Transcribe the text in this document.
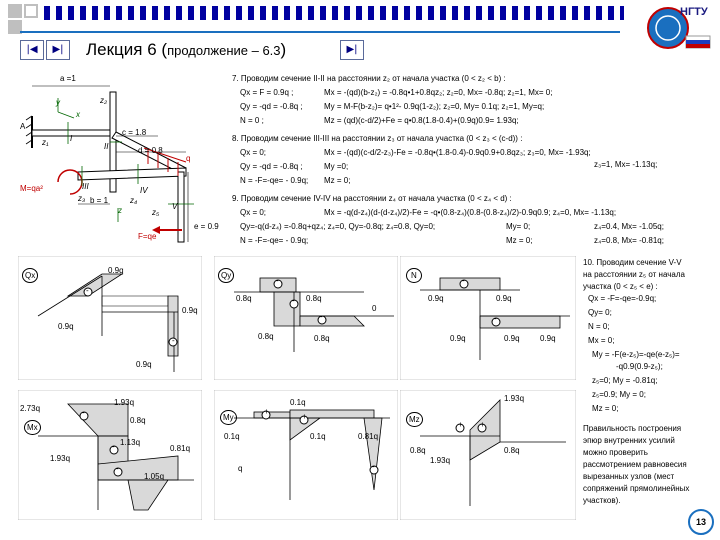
НГТУ
|◀	▶|	▶|
Лекция 6 (продолжение – 6.3)
a =1
c = 1.8
d = 0.8
b = 1
e = 0.9
M=qa²
F=qe
q
A
I
II
III	IV
V
y
x
z
z₁
z₂
z₃	z₄
z₅
7. Проводим сечение II-II на расстоянии z₂ от начала участка (0 < z₂ < b) :
Qx = F = 0.9q ;	Mx = -(qd)(b-z₂) = -0.8q•1+0.8qz₂; z₂=0, Mx= -0.8q; z₂=1, Mx= 0;
Qy = -qd = -0.8q ;	My = M-F(b-z₂)= q•1²- 0.9q(1-z₂); z₂=0, My= 0.1q; z₂=1, My=q;
N = 0 ;	Mz = (qd)(c-d/2)+Fe = q•0.8(1.8-0.4)+(0.9q)0.9= 1.93q;
8. Проводим сечение III-III на расстоянии z₃ от начала участка (0 < z₃ < (c-d)) :
Qx = 0;	Mx = -(qd)(c-d/2-z₃)-Fe = -0.8q•(1.8-0.4)-0.9q0.9+0.8qz₃; z₃=0, Mx= -1.93q;
z₃=1, Mx= -1.13q;
Qy = -qd = -0.8q ;	My =0;
N = -F=-qe= - 0.9q; Mz = 0;
9. Проводим сечение IV-IV на расстоянии z₄ от начала участка (0 < z₄ < d) :
Qx = 0;	Mx = -q(d-z₄)(d-(d-z₄)/2)-Fe = -q•(0.8-z₄)(0.8-(0.8-z₄)/2)-0.9q0.9; z₄=0, Mx= -1.13q;
Qy=-q(d-z₄) =-0.8q+qz₄; z₄=0, Qy=-0.8q; z₄=0.8, Qy=0;	My= 0;	z₄=0.4, Mx= -1.05q;
N = -F=-qe= - 0.9q;	Mz = 0;	z₄=0.8, Mx= -0.81q;
Qx
0.9q
0.9q
0.9q
0.9q
-
-
Qy
0.8q	0.8q
0
0.8q	0.8q
-
-
-
N
0.9q	0.9q
0.9q	0.9q	0.9q
-
-
Mx
2.73q
1.93q
0.8q
1.93q
1.13q
0.81q
1.05q
-
-
-
My
0.1q
0.1q	0.1q	0.81q
q
+
+
-
Mz
1.93q
0.8q
1.93q
0.8q
+ +
10. Проводим сечение V-V
на расстоянии z₅ от начала
участка (0 < z₅ < e) :
Qx = -F=-qe=-0.9q;
Qy= 0;
N = 0;
Mx = 0;
My = -F(e-z₅)=-qe(e-z₅)=
-q0.9(0.9-z₅);
z₅=0; My = -0.81q;
z₅=0.9; My = 0;
Mz = 0;
Правильность построения
эпюр внутренних усилий
можно проверить
рассмотрением равновесия
вырезанных узлов (мест
сопряжений прямолинейных
участков).
13
